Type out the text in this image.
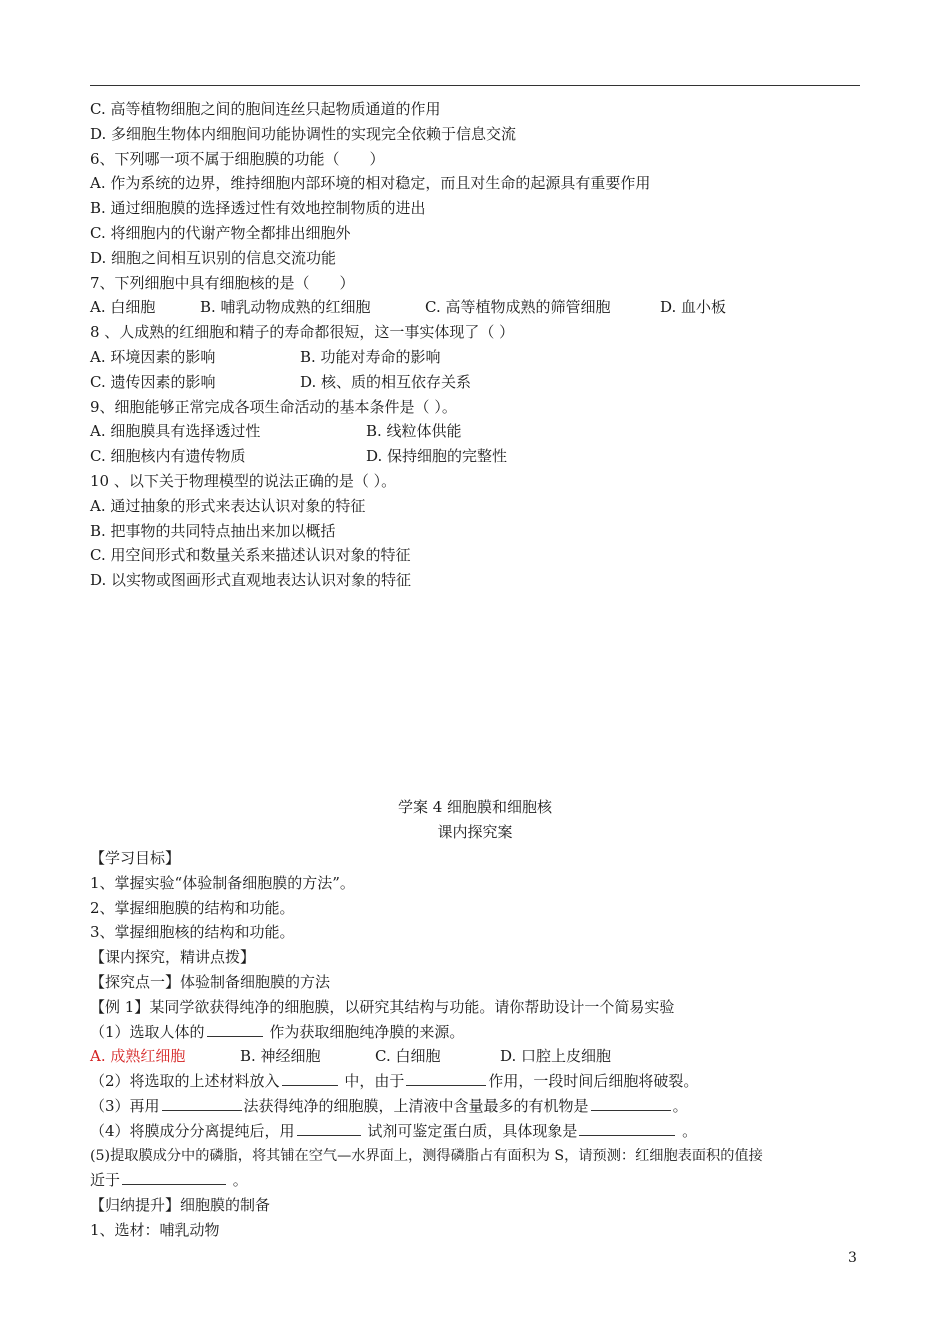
C. 高等植物细胞之间的胞间连丝只起物质通道的作用
D. 多细胞生物体内细胞间功能协调性的实现完全依赖于信息交流
6、下列哪一项不属于细胞膜的功能（　　）
A. 作为系统的边界，维持细胞内部环境的相对稳定，而且对生命的起源具有重要作用
B. 通过细胞膜的选择透过性有效地控制物质的进出
C. 将细胞内的代谢产物全都排出细胞外
D. 细胞之间相互识别的信息交流功能
7、下列细胞中具有细胞核的是（　　）
A. 白细胞	B. 哺乳动物成熟的红细胞	C. 高等植物成熟的筛管细胞	D. 血小板
8 、人成熟的红细胞和精子的寿命都很短，这一事实体现了（ ）
A. 环境因素的影响	B. 功能对寿命的影响
C. 遗传因素的影响	D. 核、质的相互依存关系
9、细胞能够正常完成各项生命活动的基本条件是（ ）。
A. 细胞膜具有选择透过性	B. 线粒体供能
C. 细胞核内有遗传物质	D. 保持细胞的完整性
10 、以下关于物理模型的说法正确的是（ ）。
A. 通过抽象的形式来表达认识对象的特征
B. 把事物的共同特点抽出来加以概括
C. 用空间形式和数量关系来描述认识对象的特征
D. 以实物或图画形式直观地表达认识对象的特征
学案 4 细胞膜和细胞核
课内探究案
【学习目标】
1、掌握实验“体验制备细胞膜的方法”。
2、掌握细胞膜的结构和功能。
3、掌握细胞核的结构和功能。
【课内探究，精讲点拨】
【探究点一】体验制备细胞膜的方法
【例 1】某同学欲获得纯净的细胞膜，以研究其结构与功能。请你帮助设计一个简易实验
（1）选取人体的	作为获取细胞纯净膜的来源。
A. 成熟红细胞	B. 神经细胞	C. 白细胞	D. 口腔上皮细胞
（2）将选取的上述材料放入	中，由于	作用，一段时间后细胞将破裂。
（3）再用	法获得纯净的细胞膜，上清液中含量最多的有机物是	。
（4）将膜成分分离提纯后，用	试剂可鉴定蛋白质，具体现象是	。
(5)提取膜成分中的磷脂，将其铺在空气—水界面上，测得磷脂占有面积为 S，请预测：红细胞表面积的值接
近于	。
【归纳提升】细胞膜的制备
1、选材：哺乳动物
3
